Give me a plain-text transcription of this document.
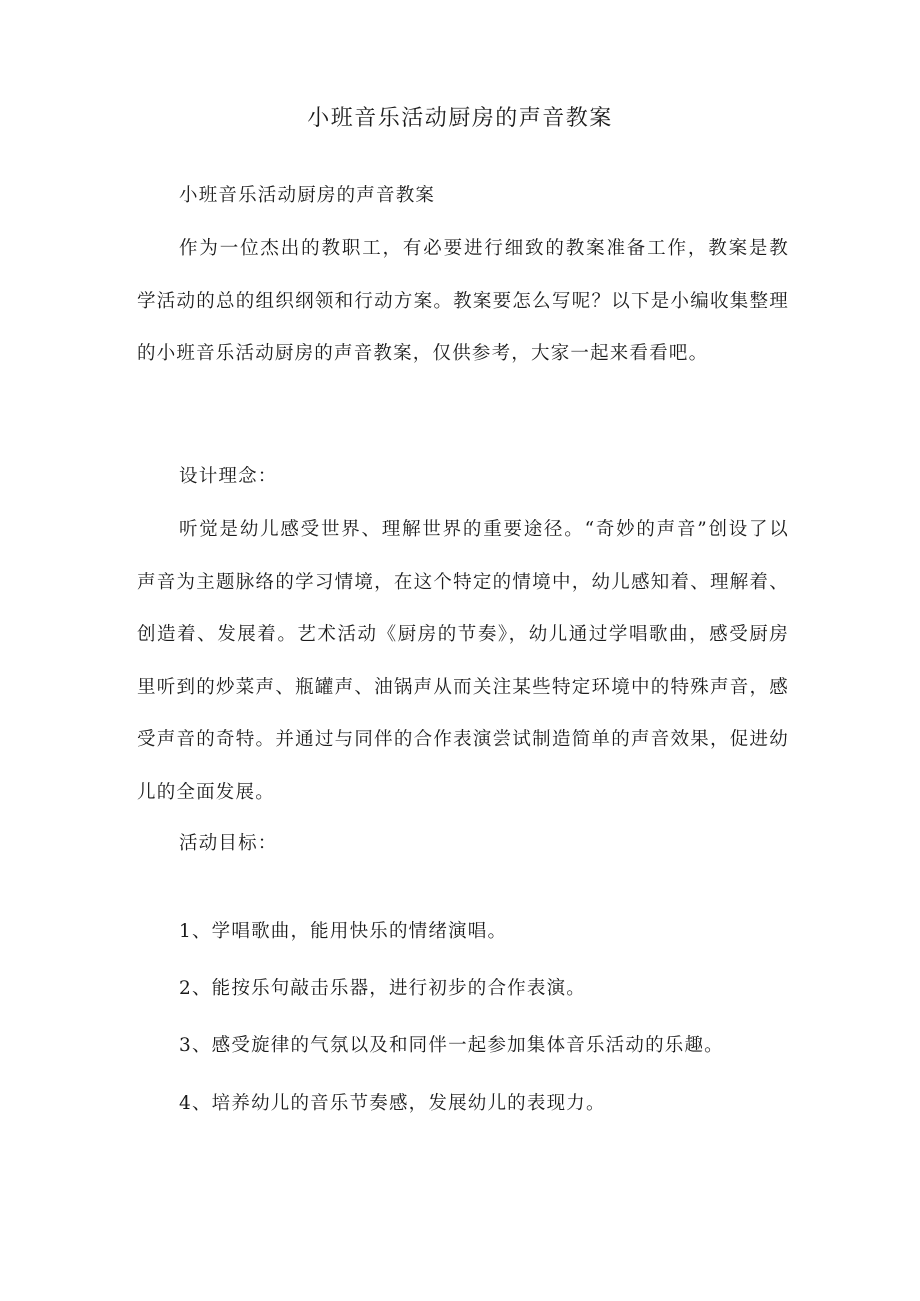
小班音乐活动厨房的声音教案

小班音乐活动厨房的声音教案

作为一位杰出的教职工，有必要进行细致的教案准备工作，教案是教学活动的总的组织纲领和行动方案。教案要怎么写呢？以下是小编收集整理的小班音乐活动厨房的声音教案，仅供参考，大家一起来看看吧。

设计理念：

听觉是幼儿感受世界、理解世界的重要途径。“奇妙的声音”创设了以声音为主题脉络的学习情境，在这个特定的情境中，幼儿感知着、理解着、创造着、发展着。艺术活动《厨房的节奏》，幼儿通过学唱歌曲，感受厨房里听到的炒菜声、瓶罐声、油锅声从而关注某些特定环境中的特殊声音，感受声音的奇特。并通过与同伴的合作表演尝试制造简单的声音效果，促进幼儿的全面发展。

活动目标：

1、学唱歌曲，能用快乐的情绪演唱。

2、能按乐句敲击乐器，进行初步的合作表演。

3、感受旋律的气氛以及和同伴一起参加集体音乐活动的乐趣。

4、培养幼儿的音乐节奏感，发展幼儿的表现力。
